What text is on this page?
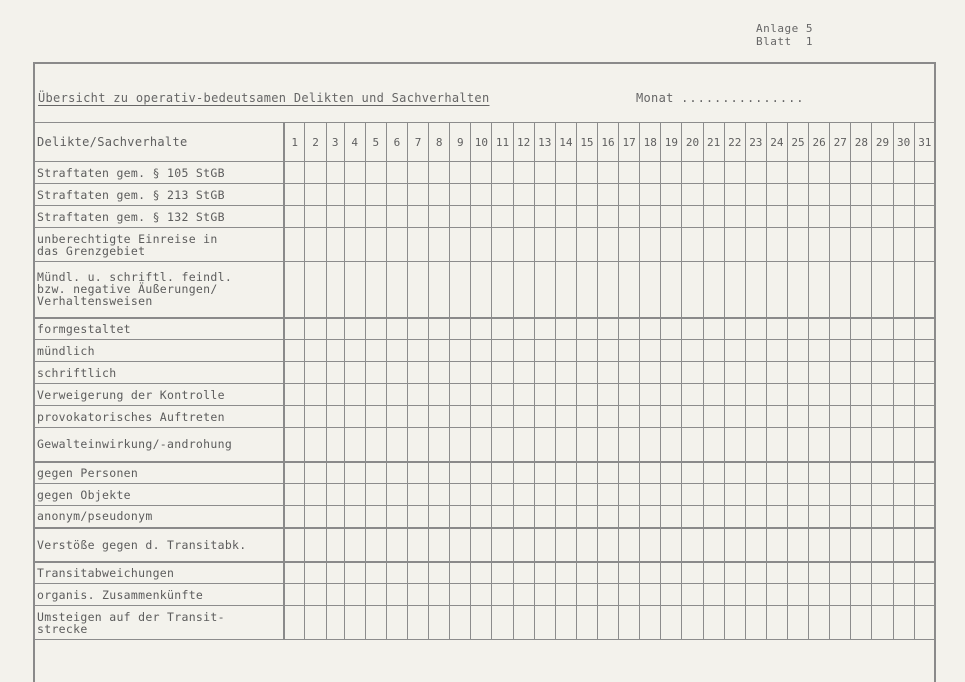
Anlage 5
Blatt  1
Übersicht zu operativ-bedeutsamen Delikten und Sachverhalten	Monat ...............
Delikte/Sachverhalte	1	2	3	4	5	6	7	8	9	10	11	12	13	14	15	16	17	18	19	20	21	22	23	24	25	26	27	28	29	30	31
Straftaten gem. § 105 StGB																															
Straftaten gem. § 213 StGB																															
Straftaten gem. § 132 StGB																															
unberechtigte Einreise in
das Grenzgebiet																															
Mündl. u. schriftl. feindl.
bzw. negative Äußerungen/
Verhaltensweisen																															
formgestaltet																															
mündlich																															
schriftlich																															
Verweigerung der Kontrolle																															
provokatorisches Auftreten																															
Gewalteinwirkung/-androhung																															
gegen Personen																															
gegen Objekte																															
anonym/pseudonym																															
Verstöße gegen d. Transitabk.																															
Transitabweichungen																															
organis. Zusammenkünfte																															
Umsteigen auf der Transit-
strecke																															
